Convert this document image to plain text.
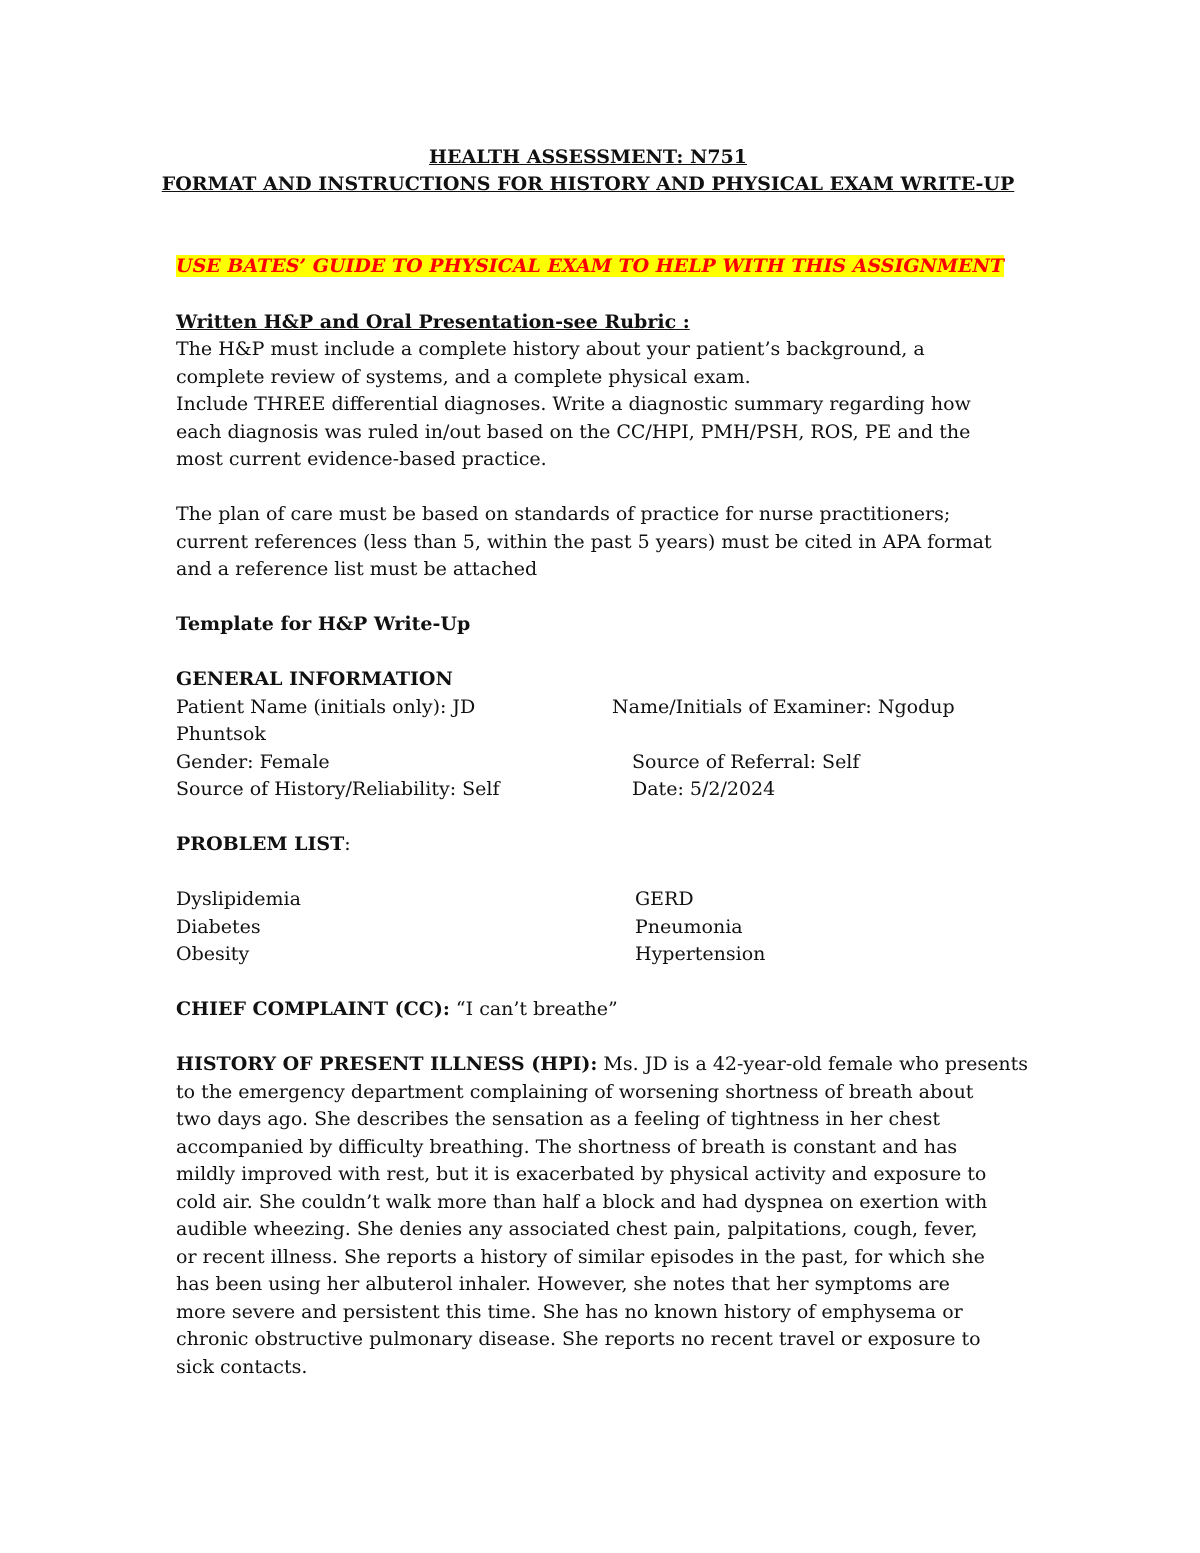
HEALTH ASSESSMENT: N751
FORMAT AND INSTRUCTIONS FOR HISTORY AND PHYSICAL EXAM WRITE-UP
USE BATES’ GUIDE TO PHYSICAL EXAM TO HELP WITH THIS ASSIGNMENT
Written H&P and Oral Presentation-see Rubric :
The H&P must include a complete history about your patient’s background, a
complete review of systems, and a complete physical exam.
Include THREE differential diagnoses. Write a diagnostic summary regarding how
each diagnosis was ruled in/out based on the CC/HPI, PMH/PSH, ROS, PE and the
most current evidence-based practice.
The plan of care must be based on standards of practice for nurse practitioners;
current references (less than 5, within the past 5 years) must be cited in APA format
and a reference list must be attached
Template for H&P Write-Up
GENERAL INFORMATION
Patient Name (initials only): JD	Name/Initials of Examiner: Ngodup
Phuntsok
Gender: Female	Source of Referral: Self
Source of History/Reliability: Self	Date: 5/2/2024
PROBLEM LIST:
Dyslipidemia	GERD
Diabetes	Pneumonia
Obesity	Hypertension
CHIEF COMPLAINT (CC): “I can’t breathe”
HISTORY OF PRESENT ILLNESS (HPI): Ms. JD is a 42-year-old female who presents
to the emergency department complaining of worsening shortness of breath about
two days ago. She describes the sensation as a feeling of tightness in her chest
accompanied by difficulty breathing. The shortness of breath is constant and has
mildly improved with rest, but it is exacerbated by physical activity and exposure to
cold air. She couldn’t walk more than half a block and had dyspnea on exertion with
audible wheezing. She denies any associated chest pain, palpitations, cough, fever,
or recent illness. She reports a history of similar episodes in the past, for which she
has been using her albuterol inhaler. However, she notes that her symptoms are
more severe and persistent this time. She has no known history of emphysema or
chronic obstructive pulmonary disease. She reports no recent travel or exposure to
sick contacts.
